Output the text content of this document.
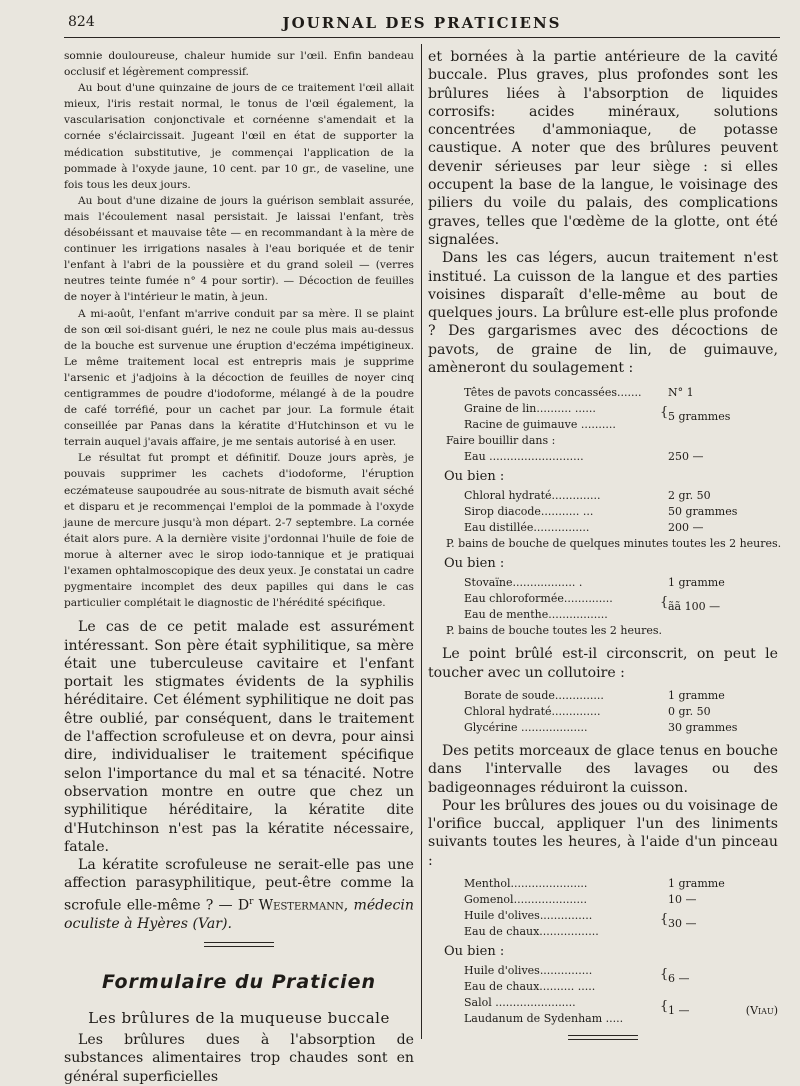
824	JOURNAL DES PRATICIENS

somnie douloureuse, chaleur humide sur l'œil. Enfin bandeau occlusif et légèrement compressif.

Au bout d'une quinzaine de jours de ce traitement l'œil allait mieux, l'iris restait normal, le tonus de l'œil également, la vascularisation conjonctivale et cornéenne s'amendait et la cornée s'éclaircissait. Jugeant l'œil en état de supporter la médication substitutive, je commençai l'application de la pommade à l'oxyde jaune, 10 cent. par 10 gr., de vaseline, une fois tous les deux jours.

Au bout d'une dizaine de jours la guérison semblait assurée, mais l'écoulement nasal persistait. Je laissai l'enfant, très désobéissant et mauvaise tête — en recommandant à la mère de continuer les irrigations nasales à l'eau boriquée et de tenir l'enfant à l'abri de la poussière et du grand soleil — (verres neutres teinte fumée n° 4 pour sortir). — Décoction de feuilles de noyer à l'intérieur le matin, à jeun.

A mi-août, l'enfant m'arrive conduit par sa mère. Il se plaint de son œil soi-disant guéri, le nez ne coule plus mais au-dessus de la bouche est survenue une éruption d'eczéma impétigineux. Le même traitement local est entrepris mais je supprime l'arsenic et j'adjoins à la décoction de feuilles de noyer cinq centigrammes de poudre d'iodoforme, mélangé à de la poudre de café torréfié, pour un cachet par jour. La formule était conseillée par Panas dans la kératite d'Hutchinson et vu le terrain auquel j'avais affaire, je me sentais autorisé à en user.

Le résultat fut prompt et définitif. Douze jours après, je pouvais supprimer les cachets d'iodoforme, l'éruption eczémateuse saupoudrée au sous-nitrate de bismuth avait séché et disparu et je recommençai l'emploi de la pommade à l'oxyde jaune de mercure jusqu'à mon départ. 2-7 septembre. La cornée était alors pure. A la dernière visite j'ordonnai l'huile de foie de morue à alterner avec le sirop iodo-tannique et je pratiquai l'examen ophtalmoscopique des deux yeux. Je constatai un cadre pygmentaire incomplet des deux papilles qui dans le cas particulier complétait le diagnostic de l'hérédité spécifique.

Le cas de ce petit malade est assurément intéressant. Son père était syphilitique, sa mère était une tuberculeuse cavitaire et l'enfant portait les stigmates évidents de la syphilis héréditaire. Cet élément syphilitique ne doit pas être oublié, par conséquent, dans le traitement de l'affection scrofuleuse et on devra, pour ainsi dire, individualiser le traitement spécifique selon l'importance du mal et sa ténacité. Notre observation montre en outre que chez un syphilitique héréditaire, la kératite dite d'Hutchinson n'est pas la kératite nécessaire, fatale.

La kératite scrofuleuse ne serait-elle pas une affection parasyphilitique, peut-être comme la scrofule elle-même ? — $D^r$ Westermann, médecin oculiste à Hyères (Var).

Formulaire du Praticien
Les brûlures de la muqueuse buccale

Les brûlures dues à l'absorption de substances alimentaires trop chaudes sont en général superficielles

et bornées à la partie antérieure de la cavité buccale. Plus graves, plus profondes sont les brûlures liées à l'absorption de liquides corrosifs: acides minéraux, solutions concentrées d'ammoniaque, de potasse caustique. A noter que des brûlures peuvent devenir sérieuses par leur siège : si elles occupent la base de la langue, le voisinage des piliers du voile du palais, des complications graves, telles que l'œdème de la glotte, ont été signalées.

Dans les cas légers, aucun traitement n'est institué. La cuisson de la langue et des parties voisines disparaît d'elle-même au bout de quelques jours. La brûlure est-elle plus profonde ? Des gargarismes avec des décoctions de pavots, de graine de lin, de guimauve, amèneront du soulagement :

Têtes de pavots concassées....... N° 1
Graine de lin.......... ......	{ 5 grammes
Racine de guimauve ..........
Faire bouillir dans :
Eau ...........................	250 —
Ou bien :
Chloral hydraté..............	2 gr. 50
Sirop diacode........... ...	50 grammes
Eau distillée................	200 —
P. bains de bouche de quelques minutes toutes les 2 heures.
Ou bien :
Stovaïne.................. .	1 gramme
Eau chloroformée..............	{ ãã 100 —
Eau de menthe.................
P. bains de bouche toutes les 2 heures.

Le point brûlé est-il circonscrit, on peut le toucher avec un collutoire :

Borate de soude..............	1 gramme
Chloral hydraté..............	0 gr. 50
Glycérine ...................	30 grammes

Des petits morceaux de glace tenus en bouche dans l'intervalle des lavages ou des badigeonnages réduiront la cuisson.

Pour les brûlures des joues ou du voisinage de l'orifice buccal, appliquer l'un des liniments suivants toutes les heures, à l'aide d'un pinceau :

Menthol......................	1 gramme
Gomenol.....................	10 —
Huile d'olives...............	{ 30 —
Eau de chaux.................
Ou bien :
Huile d'olives...............	{ 6 —
Eau de chaux.......... .....
Salol .......................	{ 1 —	(Viau)
Laudanum de Sydenham .....
